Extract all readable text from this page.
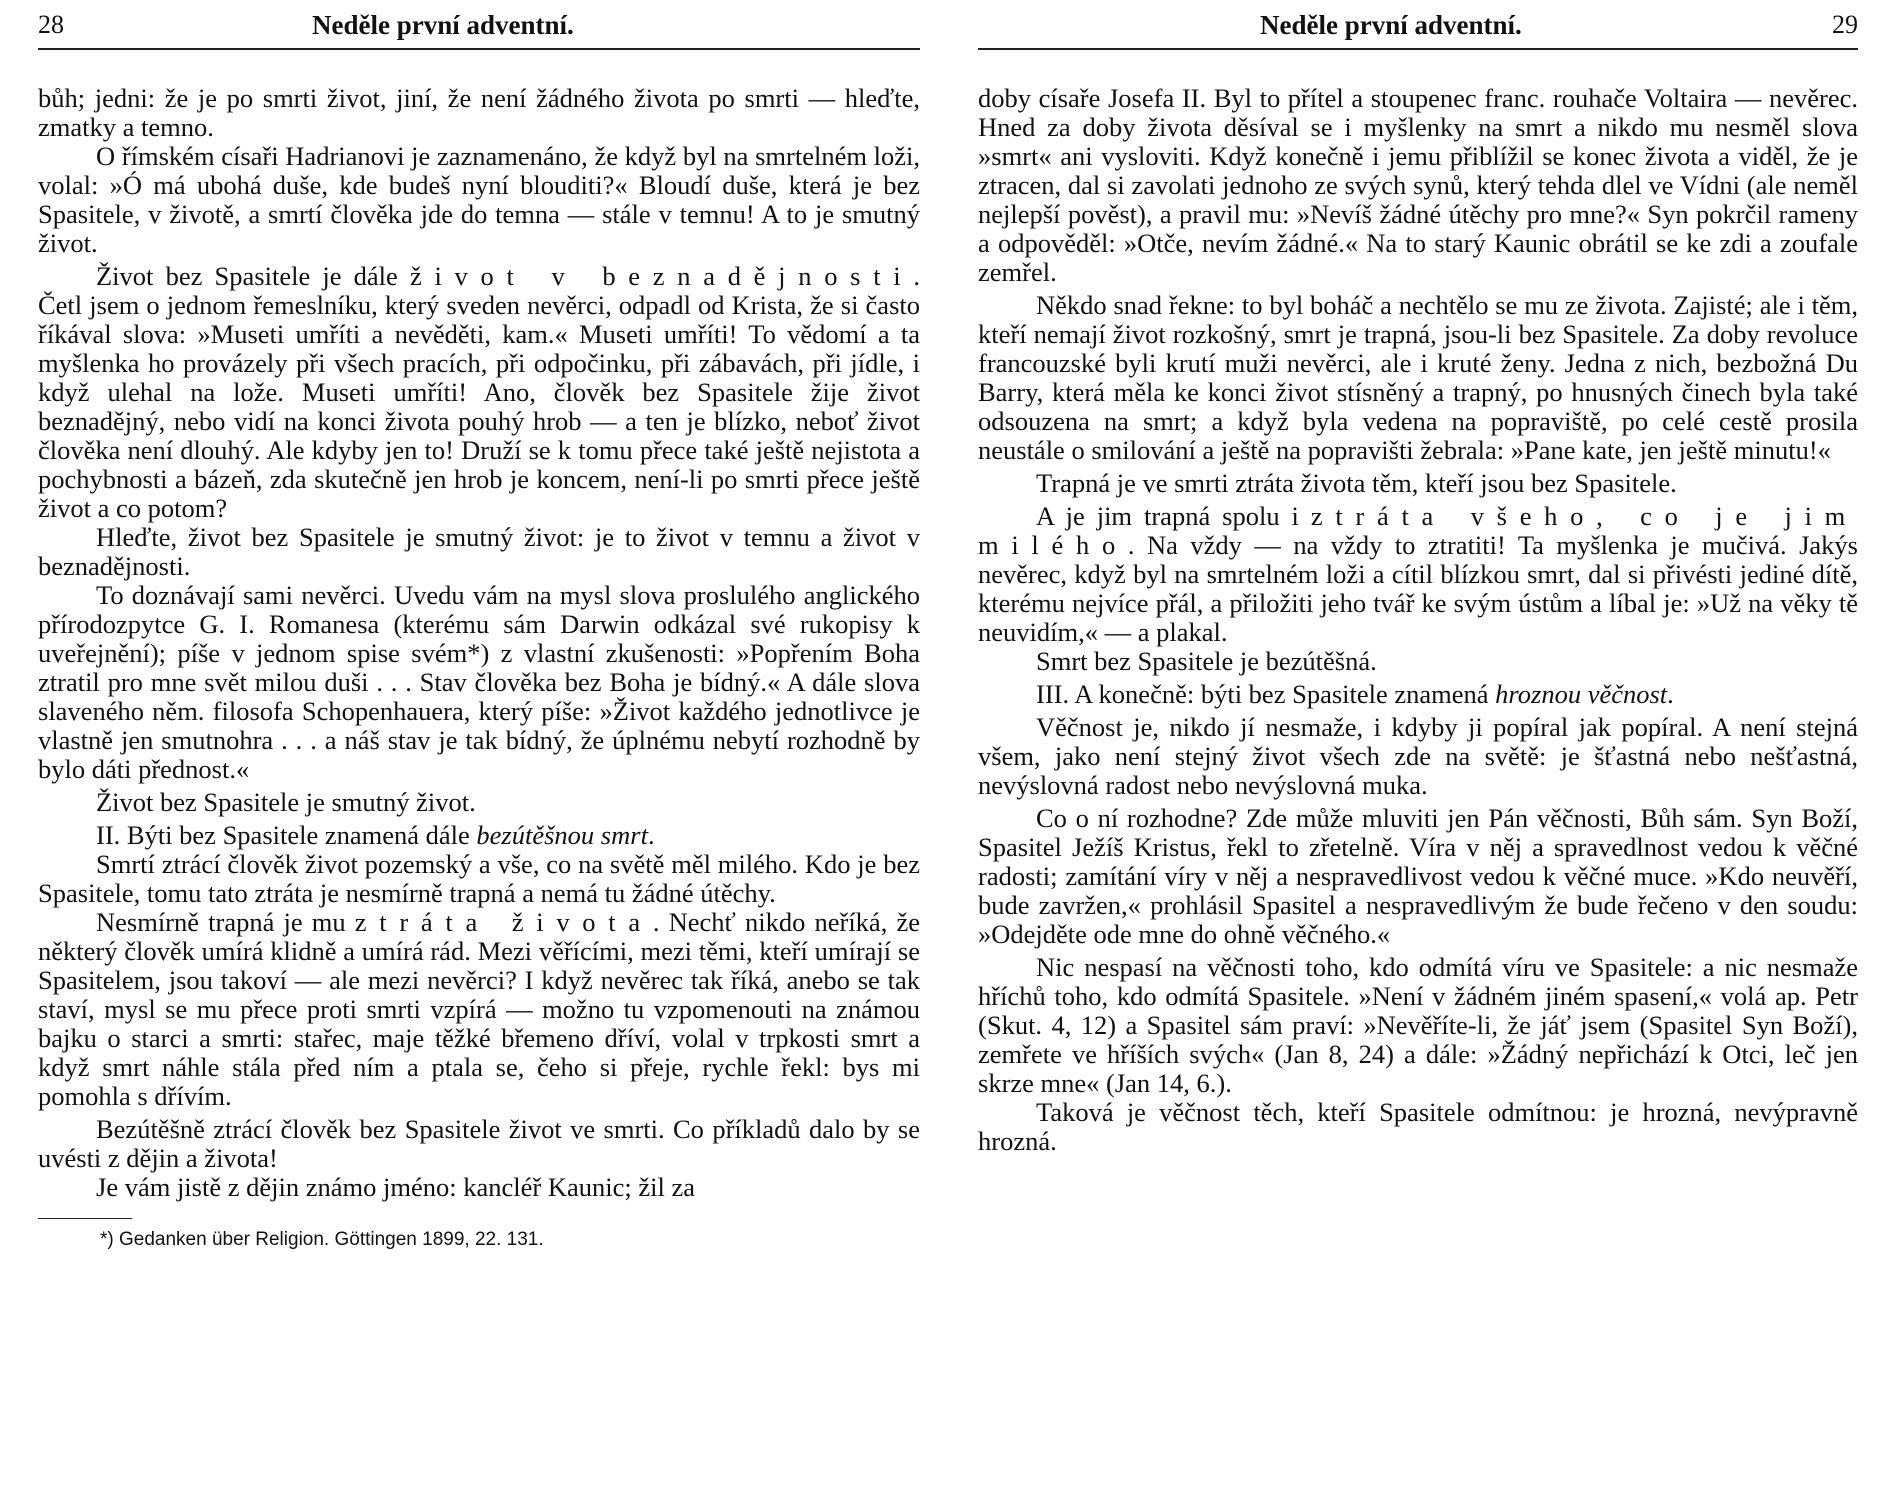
28	Neděle první adventní.

bůh; jedni: že je po smrti život, jiní, že není žádného života po smrti — hleďte, zmatky a temno.

O římském císaři Hadrianovi je zaznamenáno, že když byl na smrtelném loži, volal: »Ó má ubohá duše, kde budeš nyní blouditi?« Bloudí duše, která je bez Spasitele, v životě, a smrtí člověka jde do temna — stále v temnu! A to je smutný život.

Život bez Spasitele je dále život v beznadějnosti. Četl jsem o jednom řemeslníku, který sveden nevěrci, odpadl od Krista, že si často říkával slova: »Museti umříti a nevěděti, kam.« Museti umříti! To vědomí a ta myšlenka ho provázely při všech pracích, při odpočinku, při zábavách, při jídle, i když ulehal na lože. Museti umříti! Ano, člověk bez Spasitele žije život beznadějný, nebo vidí na konci života pouhý hrob — a ten je blízko, neboť život člověka není dlouhý. Ale kdyby jen to! Druží se k tomu přece také ještě nejistota a pochybnosti a bázeň, zda skutečně jen hrob je koncem, není-li po smrti přece ještě život a co potom?

Hleďte, život bez Spasitele je smutný život: je to život v temnu a život v beznadějnosti.

To doznávají sami nevěrci. Uvedu vám na mysl slova proslulého anglického přírodozpytce G. I. Romanesa (kterému sám Darwin odkázal své rukopisy k uveřejnění); píše v jednom spise svém*) z vlastní zkušenosti: »Popřením Boha ztratil pro mne svět milou duši . . . Stav člověka bez Boha je bídný.« A dále slova slaveného něm. filosofa Schopenhauera, který píše: »Život každého jednotlivce je vlastně jen smutnohra . . . a náš stav je tak bídný, že úplnému nebytí rozhodně by bylo dáti přednost.«

Život bez Spasitele je smutný život.

II. Býti bez Spasitele znamená dále bezútěšnou smrt.

Smrtí ztrácí člověk život pozemský a vše, co na světě měl milého. Kdo je bez Spasitele, tomu tato ztráta je nesmírně trapná a nemá tu žádné útěchy.

Nesmírně trapná je mu ztráta života. Nechť nikdo neříká, že některý člověk umírá klidně a umírá rád. Mezi věřícími, mezi těmi, kteří umírají se Spasitelem, jsou takoví — ale mezi nevěrci? I když nevěrec tak říká, anebo se tak staví, mysl se mu přece proti smrti vzpírá — možno tu vzpomenouti na známou bajku o starci a smrti: stařec, maje těžké břemeno dříví, volal v trpkosti smrt a když smrt náhle stála před ním a ptala se, čeho si přeje, rychle řekl: bys mi pomohla s dřívím.

Bezútěšně ztrácí člověk bez Spasitele život ve smrti. Co příkladů dalo by se uvésti z dějin a života!

Je vám jistě z dějin známo jméno: kancléř Kaunic; žil za

*) Gedanken über Religion. Göttingen 1899, 22. 131.
Neděle první adventní.	29

doby císaře Josefa II. Byl to přítel a stoupenec franc. rouhače Voltaira — nevěrec. Hned za doby života děsíval se i myšlenky na smrt a nikdo mu nesměl slova »smrt« ani vysloviti. Když konečně i jemu přiblížil se konec života a viděl, že je ztracen, dal si zavolati jednoho ze svých synů, který tehda dlel ve Vídni (ale neměl nejlepší pověst), a pravil mu: »Nevíš žádné útěchy pro mne?« Syn pokrčil rameny a odpověděl: »Otče, nevím žádné.« Na to starý Kaunic obrátil se ke zdi a zoufale zemřel.

Někdo snad řekne: to byl boháč a nechtělo se mu ze života. Zajisté; ale i těm, kteří nemají život rozkošný, smrt je trapná, jsou-li bez Spasitele. Za doby revoluce francouzské byli krutí muži nevěrci, ale i kruté ženy. Jedna z nich, bezbožná Du Barry, která měla ke konci život stísněný a trapný, po hnusných činech byla také odsouzena na smrt; a když byla vedena na popraviště, po celé cestě prosila neustále o smilování a ještě na popravišti žebrala: »Pane kate, jen ještě minutu!«

Trapná je ve smrti ztráta života těm, kteří jsou bez Spasitele.

A je jim trapná spolu i ztráta všeho, co je jim milého. Na vždy — na vždy to ztratiti! Ta myšlenka je mučivá. Jakýs nevěrec, když byl na smrtelném loži a cítil blízkou smrt, dal si přivésti jediné dítě, kterému nejvíce přál, a přiložiti jeho tvář ke svým ústům a líbal je: »Už na věky tě neuvidím,« — a plakal.

Smrt bez Spasitele je bezútěšná.

III. A konečně: býti bez Spasitele znamená hroznou věčnost.

Věčnost je, nikdo jí nesmaže, i kdyby ji popíral jak popíral. A není stejná všem, jako není stejný život všech zde na světě: je šťastná nebo nešťastná, nevýslovná radost nebo nevýslovná muka.

Co o ní rozhodne? Zde může mluviti jen Pán věčnosti, Bůh sám. Syn Boží, Spasitel Ježíš Kristus, řekl to zřetelně. Víra v něj a spravedlnost vedou k věčné radosti; zamítání víry v něj a nespravedlivost vedou k věčné muce. »Kdo neuvěří, bude zavržen,« prohlásil Spasitel a nespravedlivým že bude řečeno v den soudu: »Odejděte ode mne do ohně věčného.«

Nic nespasí na věčnosti toho, kdo odmítá víru ve Spasitele: a nic nesmaže hříchů toho, kdo odmítá Spasitele. »Není v žádném jiném spasení,« volá ap. Petr (Skut. 4, 12) a Spasitel sám praví: »Nevěříte-li, že jáť jsem (Spasitel Syn Boží), zemřete ve hříších svých« (Jan 8, 24) a dále: »Žádný nepřichází k Otci, leč jen skrze mne« (Jan 14, 6.).

Taková je věčnost těch, kteří Spasitele odmítnou: je hrozná, nevýpravně hrozná.
